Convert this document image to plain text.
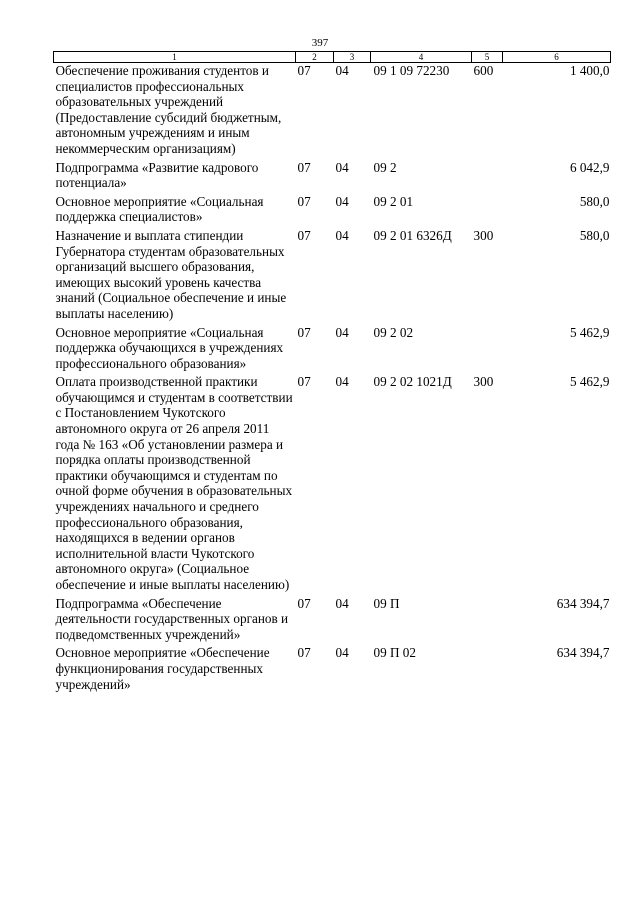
397
1	2	3	4	5	6
Обеспечение проживания студентов и специалистов профессиональных образовательных учреждений (Предоставление субсидий бюджетным, автономным учреждениям и иным некоммерческим организациям)	07	04	09 1 09 72230	600	1 400,0
Подпрограмма «Развитие кадрового потенциала»	07	04	09 2		6 042,9
Основное мероприятие «Социальная поддержка специалистов»	07	04	09 2 01		580,0
Назначение и выплата стипендии Губернатора студентам образовательных организаций высшего образования, имеющих высокий уровень качества знаний (Социальное обеспечение и иные выплаты населению)	07	04	09 2 01 6326Д	300	580,0
Основное мероприятие «Социальная поддержка обучающихся в учреждениях профессионального образования»	07	04	09 2 02		5 462,9
Оплата производственной практики обучающимся и студентам в соответствии с Постановлением Чукотского автономного округа от 26 апреля 2011 года № 163 «Об установлении размера и порядка оплаты производственной практики обучающимся и студентам по очной форме обучения в образовательных учреждениях начального и среднего профессионального образования, находящихся в ведении органов исполнительной власти Чукотского автономного округа» (Социальное обеспечение и иные выплаты населению)	07	04	09 2 02 1021Д	300	5 462,9
Подпрограмма «Обеспечение деятельности государственных органов и подведомственных учреждений»	07	04	09 П		634 394,7
Основное мероприятие «Обеспечение функционирования государственных учреждений»	07	04	09 П 02		634 394,7
